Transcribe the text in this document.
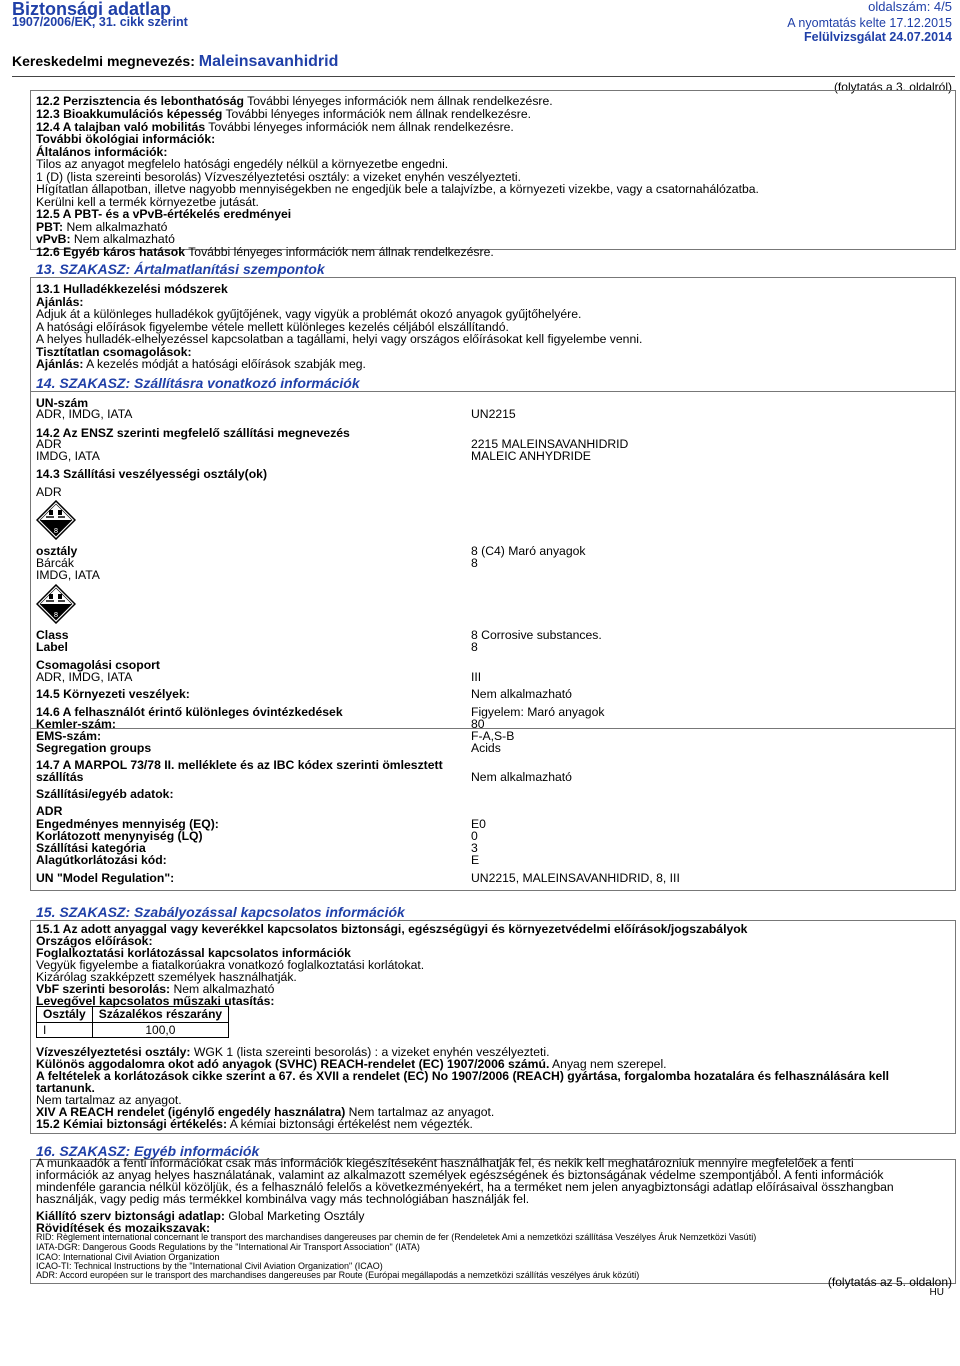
Biztonsági adatlap
1907/2006/EK, 31. cikk szerint
oldalszám: 4/5
A nyomtatás kelte 17.12.2015
Felülvizsgálat 24.07.2014
Kereskedelmi megnevezés: Maleinsavanhidrid
(folytatás a 3. oldalról)
12.2 Perzisztencia és lebonthatóság További lényeges információk nem állnak rendelkezésre.
12.3 Bioakkumulációs képesség További lényeges információk nem állnak rendelkezésre.
12.4 A talajban való mobilitás További lényeges információk nem állnak rendelkezésre.
További ökológiai információk:
Általános információk:
Tilos az anyagot megfelelo hatósági engedély nélkül a környezetbe engedni.
1 (D) (lista szereinti besorolás) Vízveszélyeztetési osztály: a vizeket enyhén veszélyezteti.
Hígítatlan állapotban, illetve nagyobb mennyiségekben ne engedjük bele a talajvízbe, a környezeti vizekbe, vagy a csatornahálózatba.
Kerülni kell a termék környezetbe jutását.
12.5 A PBT- és a vPvB-értékelés eredményei
PBT: Nem alkalmazható
vPvB: Nem alkalmazható
12.6 Egyéb káros hatások További lényeges információk nem állnak rendelkezésre.
13. SZAKASZ: Ártalmatlanítási szempontok
13.1 Hulladékkezelési módszerek
Ajánlás:
Adjuk át a különleges hulladékok gyűjtőjének, vagy vigyük a problémát okozó anyagok gyűjtőhelyére.
A hatósági előírások figyelembe vétele mellett különleges kezelés céljából elszállítandó.
A helyes hulladék-elhelyezéssel kapcsolatban a tagállami, helyi vagy országos előírásokat kell figyelembe venni.
Tisztítatlan csomagolások:
Ajánlás: A kezelés módját a hatósági előírások szabják meg.
14. SZAKASZ: Szállításra vonatkozó információk
UN-szám
ADR, IMDG, IATA	UN2215
14.2 Az ENSZ szerinti megfelelő szállítási megnevezés
ADR	2215 MALEINSAVANHIDRID
IMDG, IATA	MALEIC ANHYDRIDE
14.3 Szállítási veszélyességi osztály(ok)
ADR
8
osztály	8 (C4) Maró anyagok
Bárcák	8
IMDG, IATA
8
Class	8 Corrosive substances.
Label	8
Csomagolási csoport
ADR, IMDG, IATA	III
14.5 Környezeti veszélyek:	Nem alkalmazható
14.6 A felhasználót érintő különleges óvintézkedések	Figyelem: Maró anyagok
Kemler-szám:	80
EMS-szám:	F-A,S-B
Segregation groups	Acids
14.7 A MARPOL 73/78 II. melléklete és az IBC kódex szerinti ömlesztett
szállítás	Nem alkalmazható
Szállítási/egyéb adatok:
ADR
Engedményes mennyiség (EQ):	E0
Korlátozott menynyiség (LQ)	0
Szállítási kategória	3
Alagútkorlátozási kód:	E
UN "Model Regulation":	UN2215, MALEINSAVANHIDRID, 8, III
15. SZAKASZ: Szabályozással kapcsolatos információk
15.1 Az adott anyaggal vagy keverékkel kapcsolatos biztonsági, egészségügyi és környezetvédelmi előírások/jogszabályok
Országos előírások:
Foglalkoztatási korlátozással kapcsolatos információk
Vegyük figyelembe a fiatalkorúakra vonatkozó foglalkoztatási korlátokat.
Kizárólag szakképzett személyek használhatják.
VbF szerinti besorolás: Nem alkalmazható
Levegővel kapcsolatos műszaki utasítás:
Osztály	Százalékos részarány
I	100,0
Vízveszélyeztetési osztály: WGK 1 (lista szereinti besorolás) : a vizeket enyhén veszélyezteti.
Különös aggodalomra okot adó anyagok (SVHC) REACH-rendelet (EC) 1907/2006 számú. Anyag nem szerepel.
A feltételek a korlátozások cikke szerint a 67. és XVII a rendelet (EC) No 1907/2006 (REACH) gyártása, forgalomba hozatalára és felhasználására kell
tartanunk.
Nem tartalmaz az anyagot.
XIV A REACH rendelet (igénylő engedély használatra) Nem tartalmaz az anyagot.
15.2 Kémiai biztonsági értékelés: A kémiai biztonsági értékelést nem végezték.
16. SZAKASZ: Egyéb információk
A munkaadók a fenti információkat csak más információk kiegészítéseként használhatják fel, és nekik kell meghatározniuk mennyire megfelelőek a fenti
információk az anyag helyes használatának, valamint az alkalmazott személyek egészségének és biztonságának védelme szempontjából. A fenti információk
mindenféle garancia nélkül közöljük, és a felhasználó felelős a következményekért, ha a terméket nem jelen anyagbiztonsági adatlap előírásaival összhangban
használják, vagy pedig más termékkel kombinálva vagy más technológiában használják fel.
Kiállító szerv biztonsági adatlap: Global Marketing Osztály
Rövidítések és mozaikszavak:
RID: Règlement international concernant le transport des marchandises dangereuses par chemin de fer (Rendeletek Ami a nemzetközi szállítása Veszélyes Áruk Nemzetközi Vasúti)
IATA-DGR: Dangerous Goods Regulations by the "International Air Transport Association" (IATA)
ICAO: International Civil Aviation Organization
ICAO-TI: Technical Instructions by the "International Civil Aviation Organization" (ICAO)
ADR: Accord européen sur le transport des marchandises dangereuses par Route (Európai megállapodás a nemzetközi szállítás veszélyes áruk közúti)	(folytatás az 5. oldalon)
HU
